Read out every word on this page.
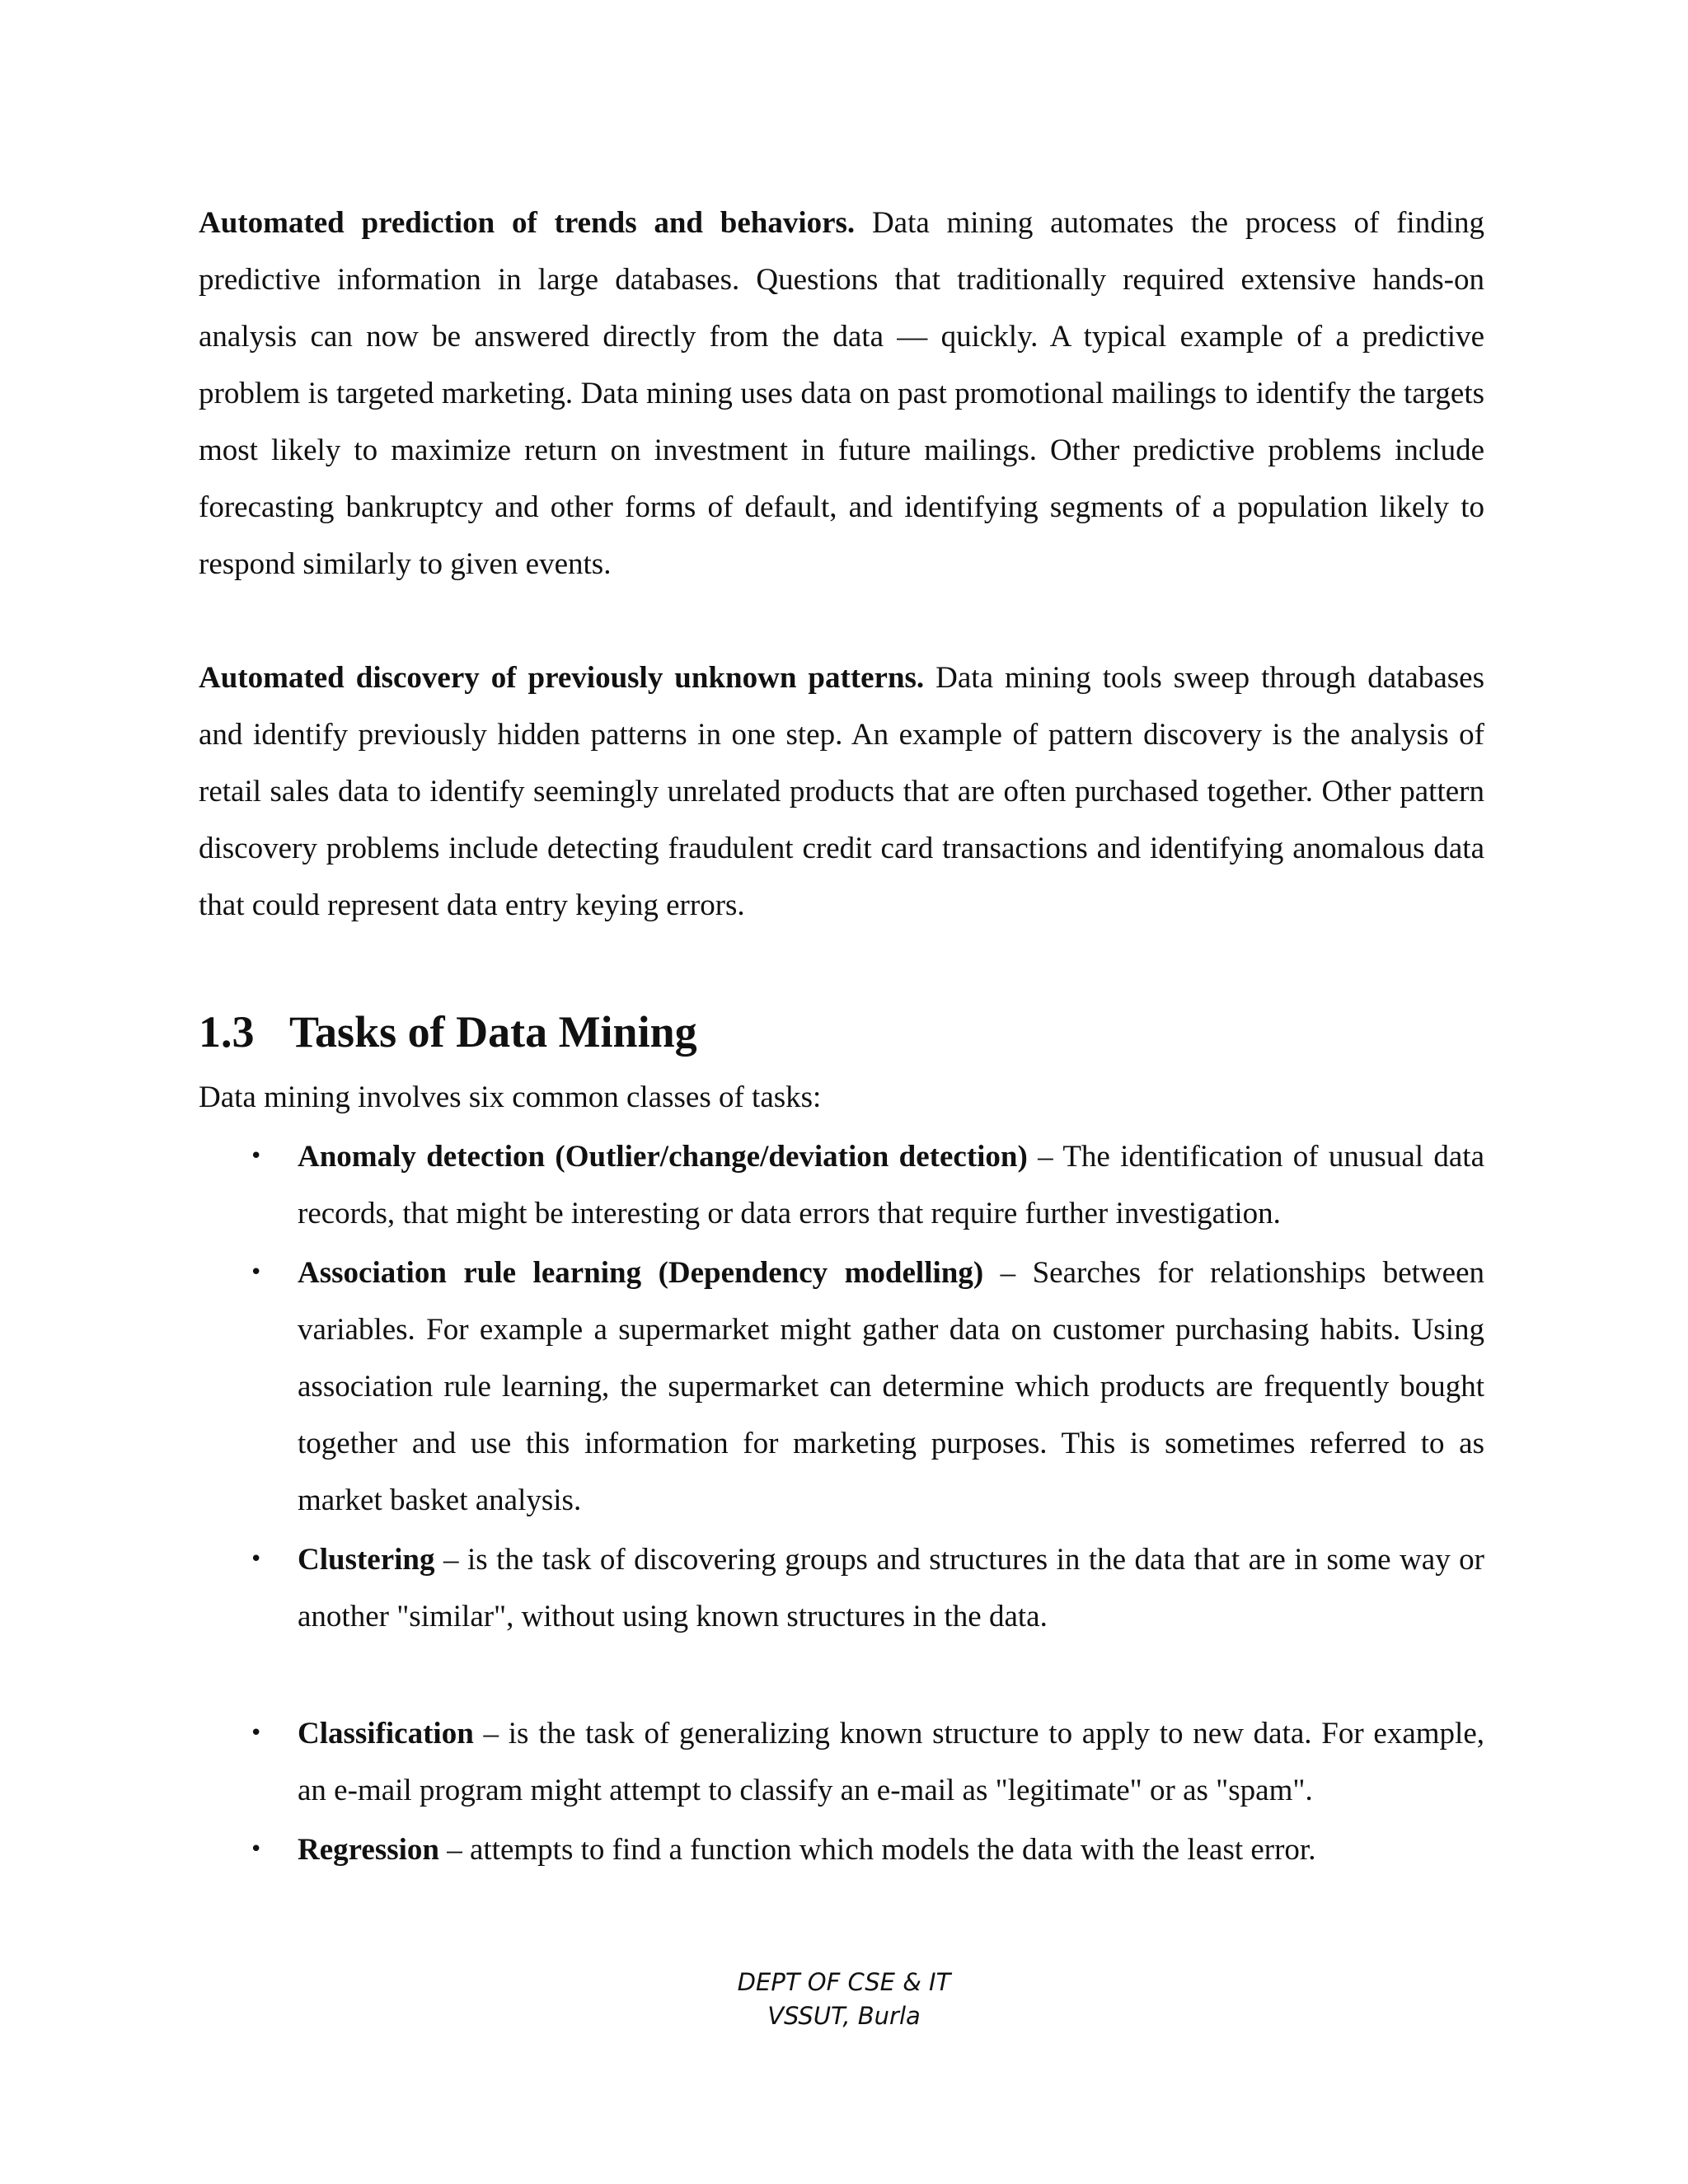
Automated prediction of trends and behaviors. Data mining automates the process of finding predictive information in large databases. Questions that traditionally required extensive hands-on analysis can now be answered directly from the data — quickly. A typical example of a predictive problem is targeted marketing. Data mining uses data on past promotional mailings to identify the targets most likely to maximize return on investment in future mailings. Other predictive problems include forecasting bankruptcy and other forms of default, and identifying segments of a population likely to respond similarly to given events.

Automated discovery of previously unknown patterns. Data mining tools sweep through databases and identify previously hidden patterns in one step. An example of pattern discovery is the analysis of retail sales data to identify seemingly unrelated products that are often purchased together. Other pattern discovery problems include detecting fraudulent credit card transactions and identifying anomalous data that could represent data entry keying errors.

1.3 Tasks of Data Mining

Data mining involves six common classes of tasks:

• Anomaly detection (Outlier/change/deviation detection) – The identification of unusual data records, that might be interesting or data errors that require further investigation.
• Association rule learning (Dependency modelling) – Searches for relationships between variables. For example a supermarket might gather data on customer purchasing habits. Using association rule learning, the supermarket can determine which products are frequently bought together and use this information for marketing purposes. This is sometimes referred to as market basket analysis.
• Clustering – is the task of discovering groups and structures in the data that are in some way or another "similar", without using known structures in the data.
• Classification – is the task of generalizing known structure to apply to new data. For example, an e-mail program might attempt to classify an e-mail as "legitimate" or as "spam".
• Regression – attempts to find a function which models the data with the least error.
DEPT OF CSE & IT
VSSUT, Burla
